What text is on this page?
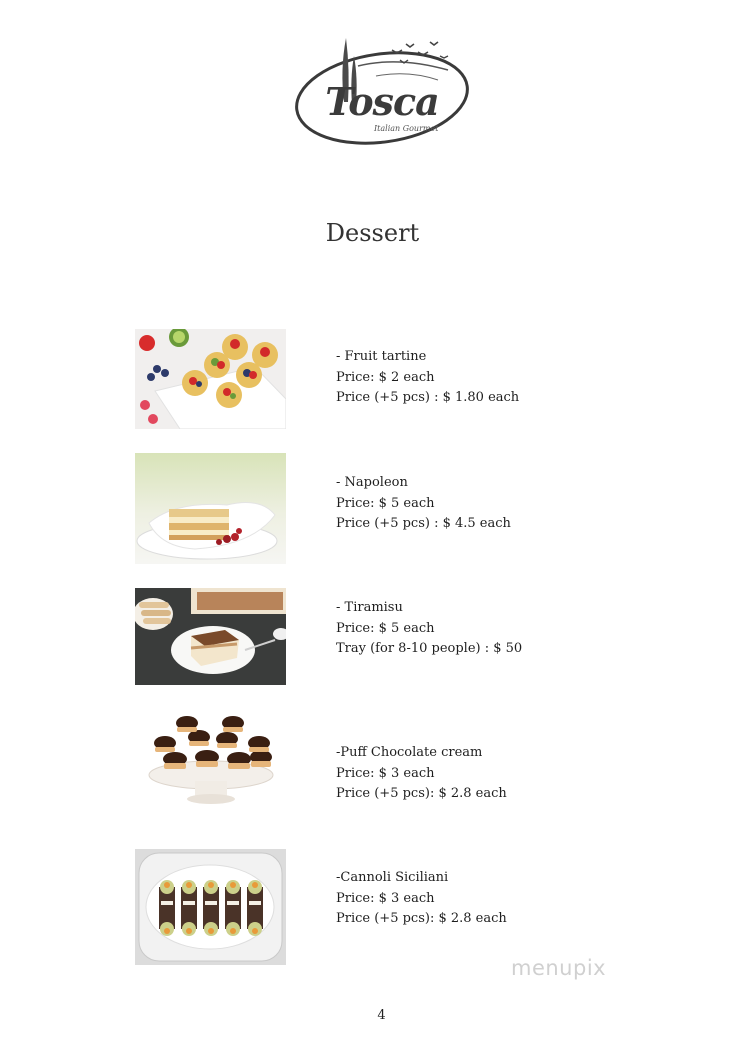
Tosca
Italian Gourmet
Dessert
- Fruit tartine
Price: $ 2 each
Price (+5 pcs) : $ 1.80 each
- Napoleon
Price: $ 5 each
Price (+5 pcs) : $ 4.5 each
- Tiramisu
Price: $ 5 each
Tray (for 8-10 people) : $ 50
-Puff Chocolate cream
Price: $ 3 each
Price (+5 pcs): $ 2.8 each
-Cannoli Siciliani
Price: $ 3 each
Price (+5 pcs): $ 2.8 each
menupix
4
